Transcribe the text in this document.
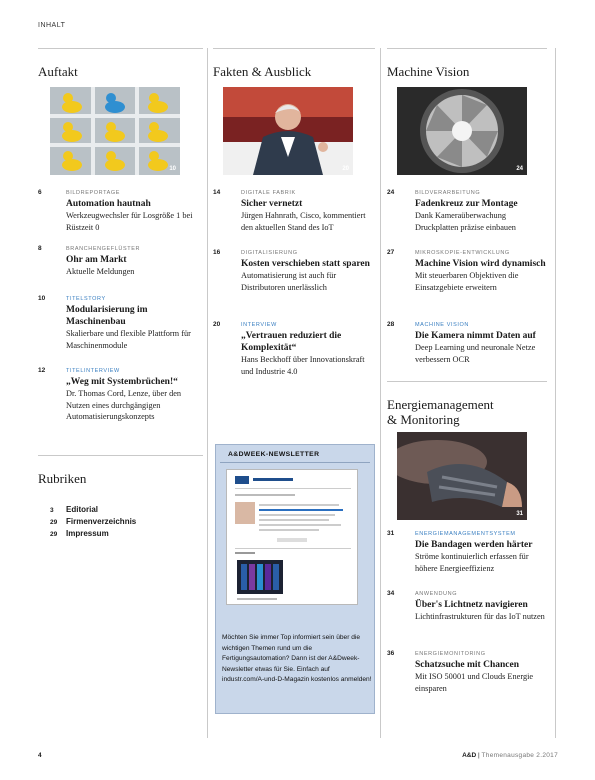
INHALT
Auftakt
10
6	BILDREPORTAGE
Automation hautnah
Werkzeugwechsler für Losgröße 1 bei Rüstzeit 0
8	BRANCHENGEFLÜSTER
Ohr am Markt
Aktuelle Meldungen
10	TITELSTORY
Modularisierung im Maschinenbau
Skalierbare und flexible Plattform für Maschinenmodule
12	TITELINTERVIEW
„Weg mit Systembrüchen!“
Dr. Thomas Cord, Lenze, über den Nutzen eines durchgängigen Automatisierungskonzepts
Rubriken
3 Editorial
29 Firmenverzeichnis
29 Impressum
Fakten & Ausblick
20
14	DIGITALE FABRIK
Sicher vernetzt
Jürgen Hahnrath, Cisco, kommentiert den aktuellen Stand des IoT
16	DIGITALISIERUNG
Kosten verschieben statt sparen
Automatisierung ist auch für Distributoren unerlässlich
20	INTERVIEW
„Vertrauen reduziert die Komplexität“
Hans Beckhoff über Innovationskraft und Industrie 4.0
A&DWEEK-NEWSLETTER
Möchten Sie immer Top informiert sein über die wichtigen Themen rund um die Fertigungsautomation? Dann ist der A&Dweek-Newsletter etwas für Sie. Einfach auf industr.com/A-und-D-Magazin kostenlos anmelden!
Machine Vision
24
24	BILDVERARBEITUNG
Fadenkreuz zur Montage
Dank Kameraüberwachung Druckplatten präzise einbauen
27	MIKROSKOPIE-ENTWICKLUNG
Machine Vision wird dynamisch
Mit steuerbaren Objektiven die Einsatzgebiete erweitern
28	MACHINE VISION
Die Kamera nimmt Daten auf
Deep Learning und neuronale Netze verbessern OCR
Energiemanagement
& Monitoring
31
31	ENERGIEMANAGEMENTSYSTEM
Die Bandagen werden härter
Ströme kontinuierlich erfassen für höhere Energieeffizienz
34	ANWENDUNG
Über's Lichtnetz navigieren
Lichtinfrastrukturen für das IoT nutzen
36	ENERGIEMONITORING
Schatzsuche mit Chancen
Mit ISO 50001 und Clouds Energie einsparen
4	A&D | Themenausgabe 2.2017
